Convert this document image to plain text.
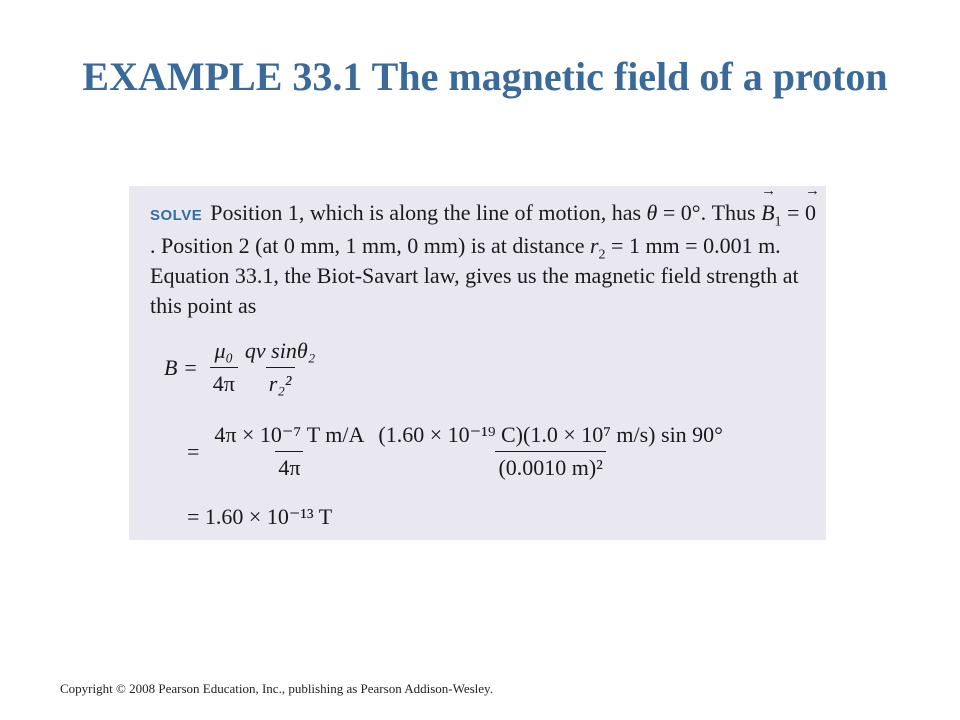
EXAMPLE 33.1 The magnetic field of a proton
SOLVE Position 1, which is along the line of motion, has θ = 0°. Thus → $B_1$ = → 0. Position 2 (at 0 mm, 1 mm, 0 mm) is at distance $r_2 = 1$ mm = 0.001 m. Equation 33.1, the Biot-Savart law, gives us the magnetic field strength at this point as
$B = \frac{\text{μ₀}}{4\pi} \frac{\text{qv sinθ₂}}{\text{r₂²}}$
= $\frac{\text{4π × 10⁻⁷ T m/A}}{4\pi} \frac{\text{(1.60 × 10⁻¹⁹ C)(1.0 × 10⁷ m/s) sin 90°}}{\text{(0.0010 m)²}}$
= 1.60 × 10⁻¹³ T
Copyright © 2008 Pearson Education, Inc., publishing as Pearson Addison-Wesley.
